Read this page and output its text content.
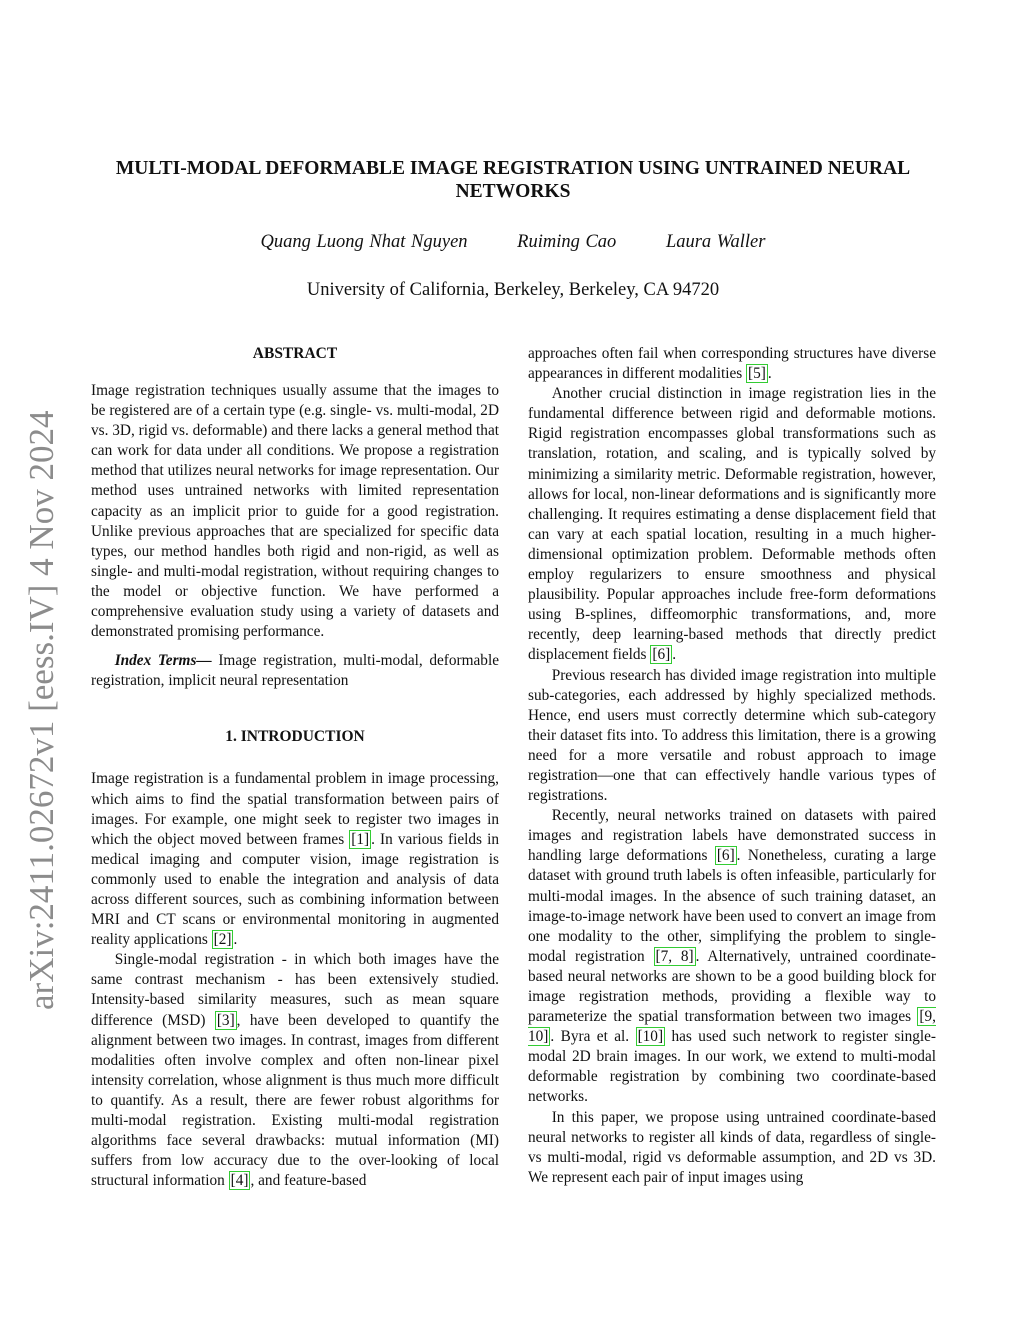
arXiv:2411.02672v1 [eess.IV] 4 Nov 2024
MULTI-MODAL DEFORMABLE IMAGE REGISTRATION USING UNTRAINED NEURAL NETWORKS
Quang Luong Nhat Nguyen	Ruiming Cao	Laura Waller
University of California, Berkeley, Berkeley, CA 94720
ABSTRACT

Image registration techniques usually assume that the images to be registered are of a certain type (e.g. single- vs. multi-modal, 2D vs. 3D, rigid vs. deformable) and there lacks a general method that can work for data under all conditions. We propose a registration method that utilizes neural networks for image representation. Our method uses untrained networks with limited representation capacity as an implicit prior to guide for a good registration. Unlike previous approaches that are specialized for specific data types, our method handles both rigid and non-rigid, as well as single- and multi-modal registration, without requiring changes to the model or objective function. We have performed a comprehensive evaluation study using a variety of datasets and demonstrated promising performance.

Index Terms— Image registration, multi-modal, deformable registration, implicit neural representation

1. INTRODUCTION

Image registration is a fundamental problem in image processing, which aims to find the spatial transformation between pairs of images. For example, one might seek to register two images in which the object moved between frames [1] . In various fields in medical imaging and computer vision, image registration is commonly used to enable the integration and analysis of data across different sources, such as combining information between MRI and CT scans or environmental monitoring in augmented reality applications [2] .

Single-modal registration - in which both images have the same contrast mechanism - has been extensively studied. Intensity-based similarity measures, such as mean square difference (MSD) [3] , have been developed to quantify the alignment between two images. In contrast, images from different modalities often involve complex and often non-linear pixel intensity correlation, whose alignment is thus much more difficult to quantify. As a result, there are fewer robust algorithms for multi-modal registration. Existing multi-modal registration algorithms face several drawbacks: mutual information (MI) suffers from low accuracy due to the over-looking of local structural information [4] , and feature-based

approaches often fail when corresponding structures have diverse appearances in different modalities [5] .

Another crucial distinction in image registration lies in the fundamental difference between rigid and deformable motions. Rigid registration encompasses global transformations such as translation, rotation, and scaling, and is typically solved by minimizing a similarity metric. Deformable registration, however, allows for local, non-linear deformations and is significantly more challenging. It requires estimating a dense displacement field that can vary at each spatial location, resulting in a much higher-dimensional optimization problem. Deformable methods often employ regularizers to ensure smoothness and physical plausibility. Popular approaches include free-form deformations using B-splines, diffeomorphic transformations, and, more recently, deep learning-based methods that directly predict displacement fields [6] .

Previous research has divided image registration into multiple sub-categories, each addressed by highly specialized methods. Hence, end users must correctly determine which sub-category their dataset fits into. To address this limitation, there is a growing need for a more versatile and robust approach to image registration—one that can effectively handle various types of registrations.

Recently, neural networks trained on datasets with paired images and registration labels have demonstrated success in handling large deformations [6] . Nonetheless, curating a large dataset with ground truth labels is often infeasible, particularly for multi-modal images. In the absence of such training dataset, an image-to-image network have been used to convert an image from one modality to the other, simplifying the problem to single-modal registration [7, 8] . Alternatively, untrained coordinate-based neural networks are shown to be a good building block for image registration methods, providing a flexible way to parameterize the spatial transformation between two images [9, 10] . Byra et al. [10] has used such network to register single-modal 2D brain images. In our work, we extend to multi-modal deformable registration by combining two coordinate-based networks.

In this paper, we propose using untrained coordinate-based neural networks to register all kinds of data, regardless of single- vs multi-modal, rigid vs deformable assumption, and 2D vs 3D. We represent each pair of input images using
